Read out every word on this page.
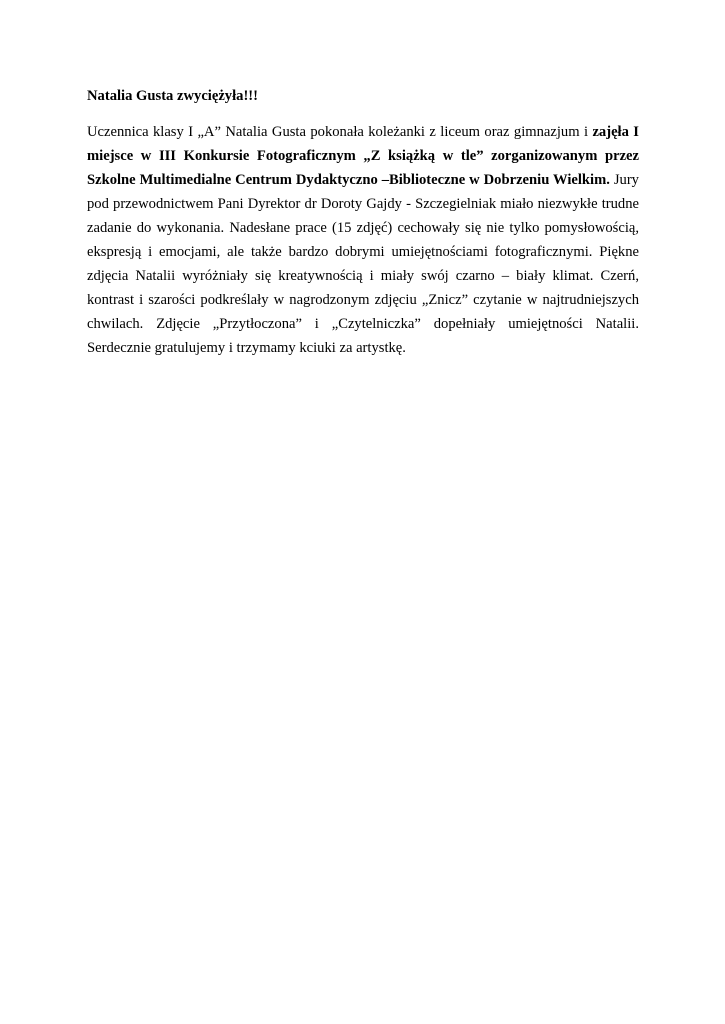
Natalia Gusta zwyciężyła!!!

Uczennica klasy I „A” Natalia Gusta pokonała koleżanki z liceum oraz gimnazjum i zajęła I miejsce w III Konkursie Fotograficznym „Z książką w tle” zorganizowanym przez Szkolne Multimedialne Centrum Dydaktyczno –Biblioteczne w Dobrzeniu Wielkim. Jury pod przewodnictwem Pani Dyrektor dr Doroty Gajdy - Szczegielniak miało niezwykłe trudne zadanie do wykonania. Nadesłane prace (15 zdjęć) cechowały się nie tylko pomysłowością, ekspresją i emocjami, ale także bardzo dobrymi umiejętnościami fotograficznymi. Piękne zdjęcia Natalii wyróżniały się kreatywnością i miały swój czarno – biały klimat. Czerń, kontrast i szarości podkreślały w nagrodzonym zdjęciu „Znicz” czytanie w najtrudniejszych chwilach. Zdjęcie „Przytłoczona” i „Czytelniczka” dopełniały umiejętności Natalii. Serdecznie gratulujemy i trzymamy kciuki za artystkę.
